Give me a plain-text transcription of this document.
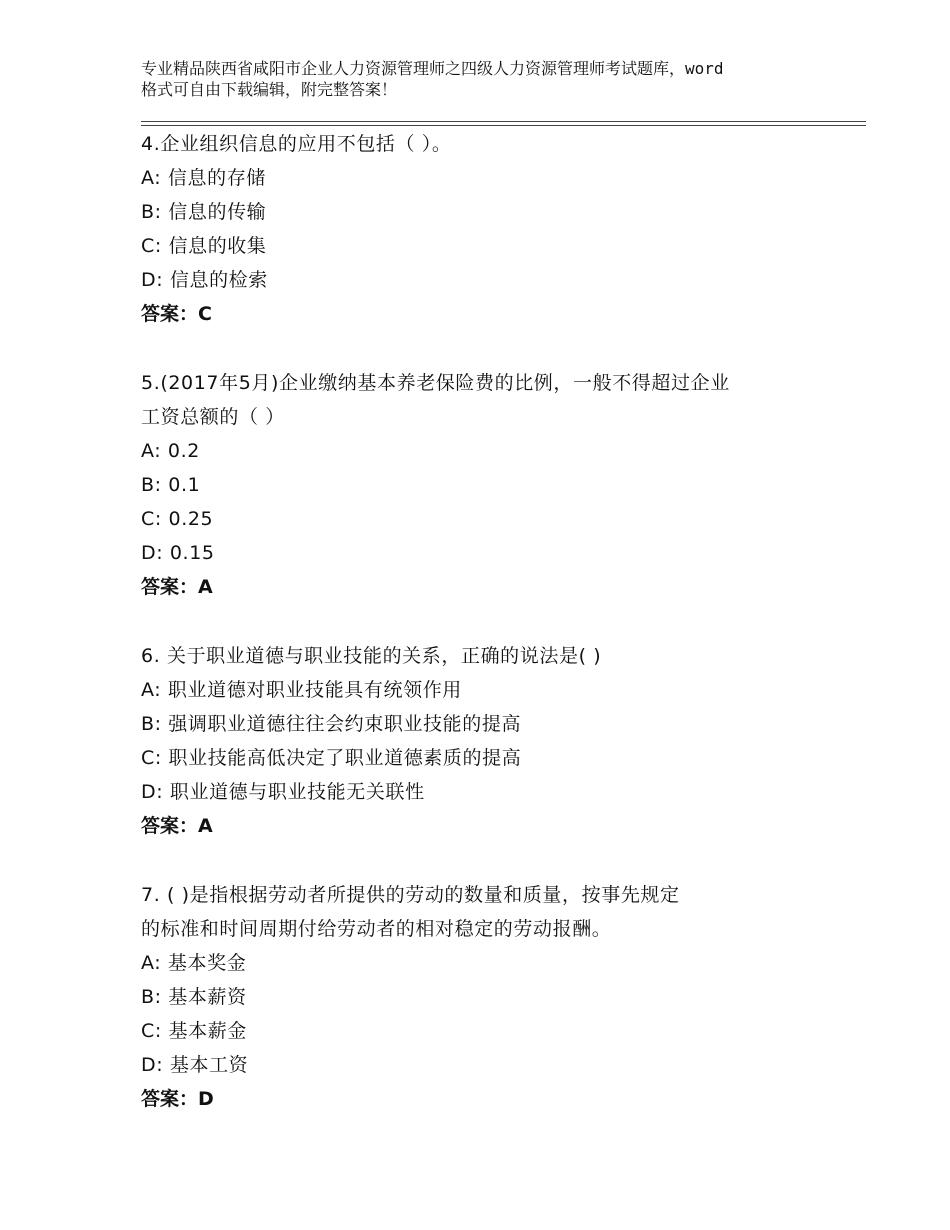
专业精品陕西省咸阳市企业人力资源管理师之四级人力资源管理师考试题库，word
格式可自由下载编辑，附完整答案！
4.企业组织信息的应用不包括（ ）。
A: 信息的存储
B: 信息的传输
C: 信息的收集
D: 信息的检索
答案：C
5.(2017年5月)企业缴纳基本养老保险费的比例，一般不得超过企业
工资总额的（ ）
A: 0.2
B: 0.1
C: 0.25
D: 0.15
答案：A
6. 关于职业道德与职业技能的关系，正确的说法是( )
A: 职业道德对职业技能具有统领作用
B: 强调职业道德往往会约束职业技能的提高
C: 职业技能高低决定了职业道德素质的提高
D: 职业道德与职业技能无关联性
答案：A
7. ( )是指根据劳动者所提供的劳动的数量和质量，按事先规定
的标准和时间周期付给劳动者的相对稳定的劳动报酬。
A: 基本奖金
B: 基本薪资
C: 基本薪金
D: 基本工资
答案：D
